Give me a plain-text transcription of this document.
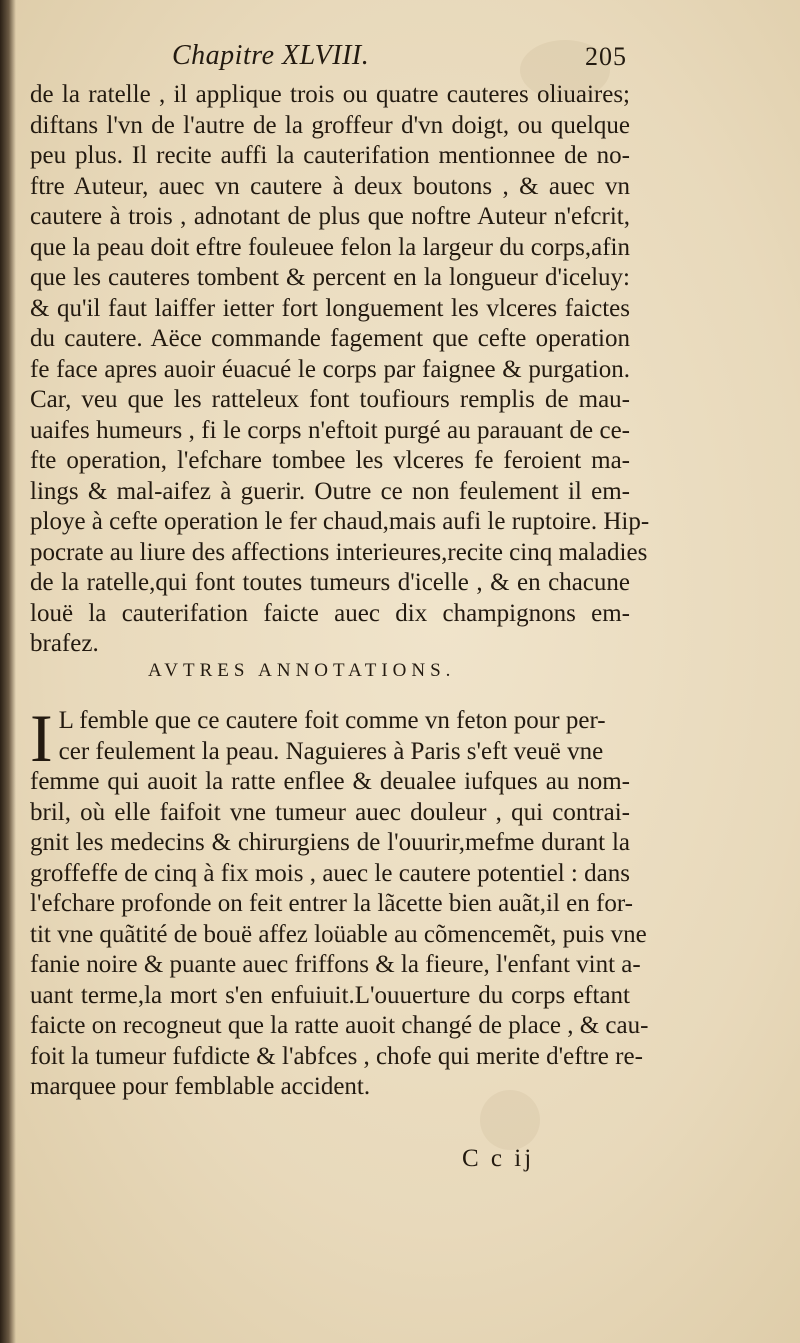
Chapitre XLVIII.	205
de la ratelle , il applique trois ou quatre cauteres oliuaires;
diftans l'vn de l'autre de la groffeur d'vn doigt, ou quelque
peu plus. Il recite auffi la cauterifation mentionnee de no-
ftre Auteur, auec vn cautere à deux boutons , & auec vn
cautere à trois , adnotant de plus que noftre Auteur n'efcrit,
que la peau doit eftre fouleuee felon la largeur du corps,afin
que les cauteres tombent & percent en la longueur d'iceluy:
& qu'il faut laiffer ietter fort longuement les vlceres faictes
du cautere. Aëce commande fagement que cefte operation
fe face apres auoir éuacué le corps par faignee & purgation.
Car, veu que les ratteleux font toufiours remplis de mau-
uaifes humeurs , fi le corps n'eftoit purgé au parauant de ce-
fte operation, l'efchare tombee les vlceres fe feroient ma-
lings & mal-aifez à guerir. Outre ce non feulement il em-
ploye à cefte operation le fer chaud,mais aufi le ruptoire. Hip-
pocrate au liure des affections interieures,recite cinq maladies
de la ratelle,qui font toutes tumeurs d'icelle , & en chacune
louë la cauterifation faicte auec dix champignons em-
brafez.
AVTRES ANNOTATIONS.
I L femble que ce cautere foit comme vn feton pour per-
cer feulement la peau. Naguieres à Paris s'eft veuë vne
femme qui auoit la ratte enflee & deualee iufques au nom-
bril, où elle faifoit vne tumeur auec douleur , qui contrai-
gnit les medecins & chirurgiens de l'ouurir,mefme durant la
groffeffe de cinq à fix mois , auec le cautere potentiel : dans
l'efchare profonde on feit entrer la lãcette bien auãt,il en for-
tit vne quãtité de bouë affez loüable au cõmencemẽt, puis vne
fanie noire & puante auec friffons & la fieure, l'enfant vint a-
uant terme,la mort s'en enfuiuit.L'ouuerture du corps eftant
faicte on recogneut que la ratte auoit changé de place , & cau-
foit la tumeur fufdicte & l'abfces , chofe qui merite d'eftre re-
marquee pour femblable accident.
C c ij
